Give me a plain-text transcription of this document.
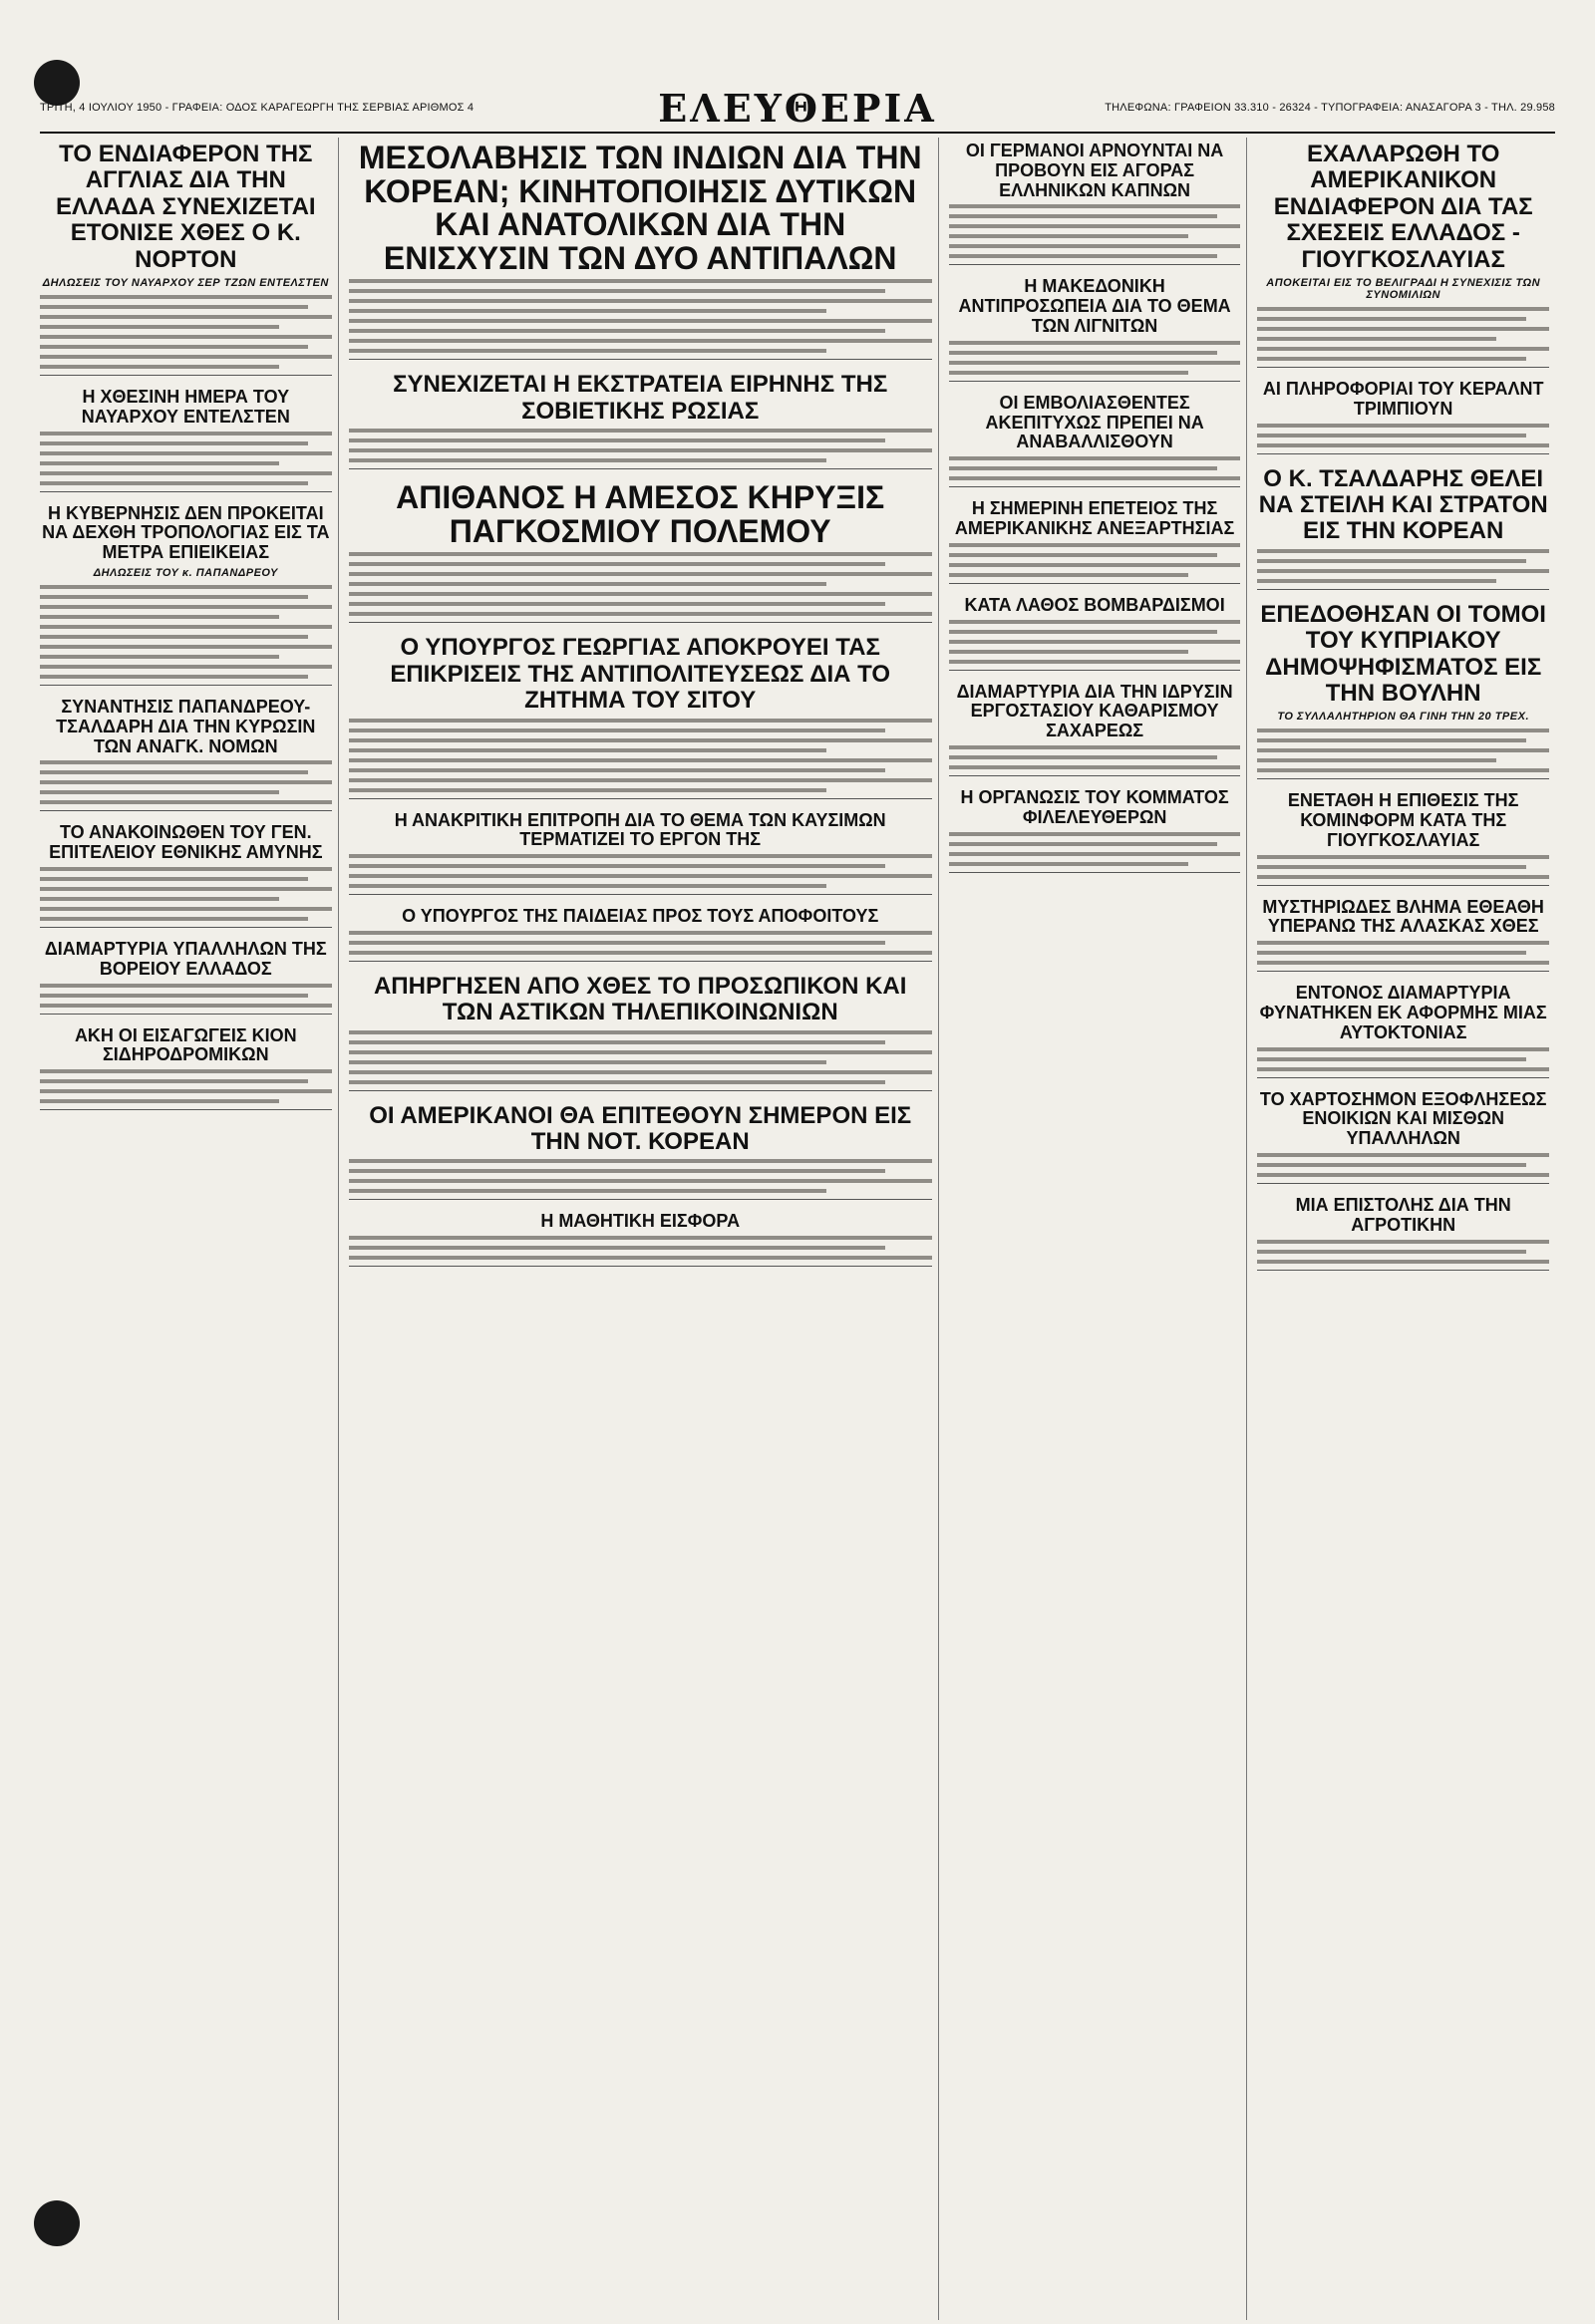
ΤΡΙΤΗ, 4 ΙΟΥΛΙΟΥ 1950 - ΓΡΑΦΕΙΑ: ΟΔΟΣ ΚΑΡΑΓΕΩΡΓΗ ΤΗΣ ΣΕΡΒΙΑΣ ΑΡΙΘΜΟΣ 4	ΕΛΕΥΘΕΡΙΑ	ΤΗΛΕΦΩΝΑ: ΓΡΑΦΕΙΟΝ 33.310 - 26324 - ΤΥΠΟΓΡΑΦΕΙΑ: ΑΝΑΣΑΓΟΡΑ 3 - ΤΗΛ. 29.958
ΤΟ ΕΝΔΙΑΦΕΡΟΝ ΤΗΣ ΑΓΓΛΙΑΣ ΔΙΑ ΤΗΝ ΕΛΛΑΔΑ ΣΥΝΕΧΙΖΕΤΑΙ ΕΤΟΝΙΣΕ ΧΘΕΣ Ο Κ. ΝΟΡΤΟΝ
ΔΗΛΩΣΕΙΣ ΤΟΥ ΝΑΥΑΡΧΟΥ ΣΕΡ ΤΖΩΝ ΕΝΤΕΛΣΤΕΝ
Η ΧΘΕΣΙΝΗ ΗΜΕΡΑ ΤΟΥ ΝΑΥΑΡΧΟΥ ΕΝΤΕΛΣΤΕΝ
Η ΚΥΒΕΡΝΗΣΙΣ ΔΕΝ ΠΡΟΚΕΙΤΑΙ ΝΑ ΔΕΧΘΗ ΤΡΟΠΟΛΟΓΙΑΣ ΕΙΣ ΤΑ ΜΕΤΡΑ ΕΠΙΕΙΚΕΙΑΣ
ΔΗΛΩΣΕΙΣ ΤΟΥ κ. ΠΑΠΑΝΔΡΕΟΥ
ΣΥΝΑΝΤΗΣΙΣ ΠΑΠΑΝΔΡΕΟΥ-ΤΣΑΛΔΑΡΗ ΔΙΑ ΤΗΝ ΚΥΡΩΣΙΝ ΤΩΝ ΑΝΑΓΚ. ΝΟΜΩΝ
ΤΟ ΑΝΑΚΟΙΝΩΘΕΝ ΤΟΥ ΓΕΝ. ΕΠΙΤΕΛΕΙΟΥ ΕΘΝΙΚΗΣ ΑΜΥΝΗΣ
ΔΙΑΜΑΡΤΥΡΙΑ ΥΠΑΛΛΗΛΩΝ ΤΗΣ ΒΟΡΕΙΟΥ ΕΛΛΑΔΟΣ
ΑΚΗ ΟΙ ΕΙΣΑΓΩΓΕΙΣ ΚΙΟΝ ΣΙΔΗΡΟΔΡΟΜΙΚΩΝ
ΜΕΣΟΛΑΒΗΣΙΣ ΤΩΝ ΙΝΔΙΩΝ ΔΙΑ ΤΗΝ ΚΟΡΕΑΝ; ΚΙΝΗΤΟΠΟΙΗΣΙΣ ΔΥΤΙΚΩΝ ΚΑΙ ΑΝΑΤΟΛΙΚΩΝ ΔΙΑ ΤΗΝ ΕΝΙΣΧΥΣΙΝ ΤΩΝ ΔΥΟ ΑΝΤΙΠΑΛΩΝ
ΣΥΝΕΧΙΖΕΤΑΙ Η ΕΚΣΤΡΑΤΕΙΑ ΕΙΡΗΝΗΣ ΤΗΣ ΣΟΒΙΕΤΙΚΗΣ ΡΩΣΙΑΣ
ΑΠΙΘΑΝΟΣ Η ΑΜΕΣΟΣ ΚΗΡΥΞΙΣ ΠΑΓΚΟΣΜΙΟΥ ΠΟΛΕΜΟΥ
Ο ΥΠΟΥΡΓΟΣ ΓΕΩΡΓΙΑΣ ΑΠΟΚΡΟΥΕΙ ΤΑΣ ΕΠΙΚΡΙΣΕΙΣ ΤΗΣ ΑΝΤΙΠΟΛΙΤΕΥΣΕΩΣ ΔΙΑ ΤΟ ΖΗΤΗΜΑ ΤΟΥ ΣΙΤΟΥ
Η ΑΝΑΚΡΙΤΙΚΗ ΕΠΙΤΡΟΠΗ ΔΙΑ ΤΟ ΘΕΜΑ ΤΩΝ ΚΑΥΣΙΜΩΝ ΤΕΡΜΑΤΙΖΕΙ ΤΟ ΕΡΓΟΝ ΤΗΣ
Ο ΥΠΟΥΡΓΟΣ ΤΗΣ ΠΑΙΔΕΙΑΣ ΠΡΟΣ ΤΟΥΣ ΑΠΟΦΟΙΤΟΥΣ
ΑΠΗΡΓΗΣΕΝ ΑΠΟ ΧΘΕΣ ΤΟ ΠΡΟΣΩΠΙΚΟΝ ΚΑΙ ΤΩΝ ΑΣΤΙΚΩΝ ΤΗΛΕΠΙΚΟΙΝΩΝΙΩΝ
ΟΙ ΑΜΕΡΙΚΑΝΟΙ ΘΑ ΕΠΙΤΕΘΟΥΝ ΣΗΜΕΡΟΝ ΕΙΣ ΤΗΝ ΝΟΤ. ΚΟΡΕΑΝ
Η ΜΑΘΗΤΙΚΗ ΕΙΣΦΟΡΑ
ΟΙ ΓΕΡΜΑΝΟΙ ΑΡΝΟΥΝΤΑΙ ΝΑ ΠΡΟΒΟΥΝ ΕΙΣ ΑΓΟΡΑΣ ΕΛΛΗΝΙΚΩΝ ΚΑΠΝΩΝ
Η ΜΑΚΕΔΟΝΙΚΗ ΑΝΤΙΠΡΟΣΩΠΕΙΑ ΔΙΑ ΤΟ ΘΕΜΑ ΤΩΝ ΛΙΓΝΙΤΩΝ
ΟΙ ΕΜΒΟΛΙΑΣΘΕΝΤΕΣ ΑΚΕΠΙΤΥΧΩΣ ΠΡΕΠΕΙ ΝΑ ΑΝΑΒΑΛΛΙΣΘΟΥΝ
Η ΣΗΜΕΡΙΝΗ ΕΠΕΤΕΙΟΣ ΤΗΣ ΑΜΕΡΙΚΑΝΙΚΗΣ ΑΝΕΞΑΡΤΗΣΙΑΣ
ΚΑΤΑ ΛΑΘΟΣ ΒΟΜΒΑΡΔΙΣΜΟΙ
ΔΙΑΜΑΡΤΥΡΙΑ ΔΙΑ ΤΗΝ ΙΔΡΥΣΙΝ ΕΡΓΟΣΤΑΣΙΟΥ ΚΑΘΑΡΙΣΜΟΥ ΣΑΧΑΡΕΩΣ
Η ΟΡΓΑΝΩΣΙΣ ΤΟΥ ΚΟΜΜΑΤΟΣ ΦΙΛΕΛΕΥΘΕΡΩΝ
ΕΧΑΛΑΡΩΘΗ ΤΟ ΑΜΕΡΙΚΑΝΙΚΟΝ ΕΝΔΙΑΦΕΡΟΝ ΔΙΑ ΤΑΣ ΣΧΕΣΕΙΣ ΕΛΛΑΔΟΣ - ΓΙΟΥΓΚΟΣΛΑΥΙΑΣ
ΑΠΟΚΕΙΤΑΙ ΕΙΣ ΤΟ ΒΕΛΙΓΡΑΔΙ Η ΣΥΝΕΧΙΣΙΣ ΤΩΝ ΣΥΝΟΜΙΛΙΩΝ
ΑΙ ΠΛΗΡΟΦΟΡΙΑΙ ΤΟΥ ΚΕΡΑΛΝΤ ΤΡΙΜΠΙΟΥΝ
Ο Κ. ΤΣΑΛΔΑΡΗΣ ΘΕΛΕΙ ΝΑ ΣΤΕΙΛΗ ΚΑΙ ΣΤΡΑΤΟΝ ΕΙΣ ΤΗΝ ΚΟΡΕΑΝ
ΕΠΕΔΟΘΗΣΑΝ ΟΙ ΤΟΜΟΙ ΤΟΥ ΚΥΠΡΙΑΚΟΥ ΔΗΜΟΨΗΦΙΣΜΑΤΟΣ ΕΙΣ ΤΗΝ ΒΟΥΛΗΝ
ΤΟ ΣΥΛΛΑΛΗΤΗΡΙΟΝ ΘΑ ΓΙΝΗ ΤΗΝ 20 ΤΡΕΧ.
ΕΝΕΤΑΘΗ Η ΕΠΙΘΕΣΙΣ ΤΗΣ ΚΟΜΙΝΦΟΡΜ ΚΑΤΑ ΤΗΣ ΓΙΟΥΓΚΟΣΛΑΥΙΑΣ
ΜΥΣΤΗΡΙΩΔΕΣ ΒΛΗΜΑ ΕΘΕΑΘΗ ΥΠΕΡΑΝΩ ΤΗΣ ΑΛΑΣΚΑΣ ΧΘΕΣ
ΕΝΤΟΝΟΣ ΔΙΑΜΑΡΤΥΡΙΑ ΦΥΝΑΤΗΚΕΝ ΕΚ ΑΦΟΡΜΗΣ ΜΙΑΣ ΑΥΤΟΚΤΟΝΙΑΣ
ΤΟ ΧΑΡΤΟΣΗΜΟΝ ΕΞΟΦΛΗΣΕΩΣ ΕΝΟΙΚΙΩΝ ΚΑΙ ΜΙΣΘΩΝ ΥΠΑΛΛΗΛΩΝ
ΜΙΑ ΕΠΙΣΤΟΛΗΣ ΔΙΑ ΤΗΝ ΑΓΡΟΤΙΚΗΝ
